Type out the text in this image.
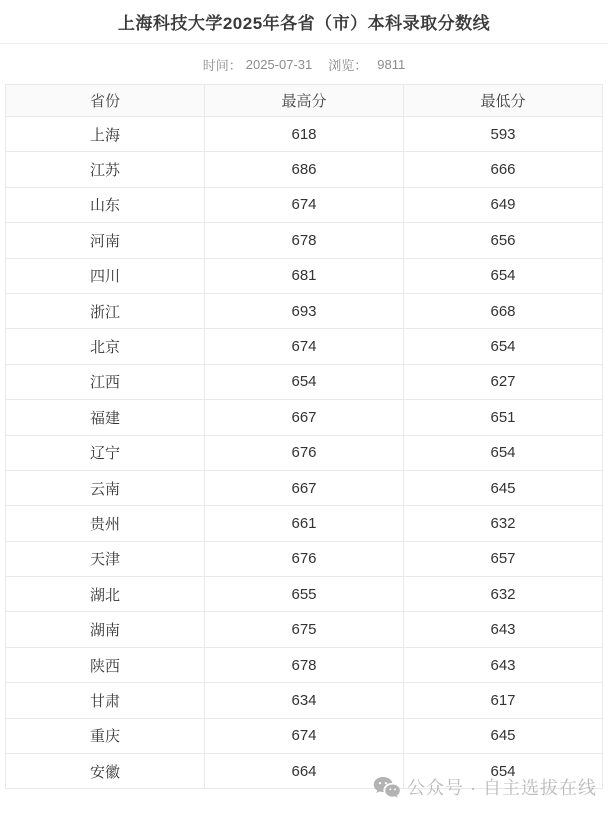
上海科技大学2025年各省（市）本科录取分数线
时间： 2025-07-31 浏览： 9811
省份	最高分	最低分
上海	618	593
江苏	686	666
山东	674	649
河南	678	656
四川	681	654
浙江	693	668
北京	674	654
江西	654	627
福建	667	651
辽宁	676	654
云南	667	645
贵州	661	632
天津	676	657
湖北	655	632
湖南	675	643
陕西	678	643
甘肃	634	617
重庆	674	645
安徽	664	654
公众号 · 自主选拔在线
